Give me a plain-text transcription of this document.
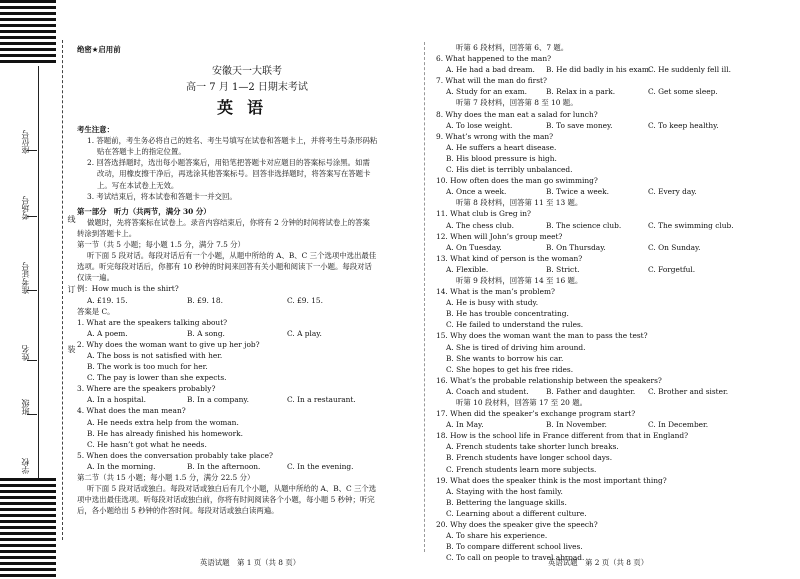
座位号
考场号
准考证号
姓名
班级
学校
线
订
装
绝密★启用前
安徽天一大联考
高一 7 月 1—2 日期末考试
英语
考生注意：
1. 答题前，考生务必将自己的姓名、考生号填写在试卷和答题卡上，并将考生号条形码粘
贴在答题卡上的指定位置。
2. 回答选择题时，选出每小题答案后，用铅笔把答题卡对应题目的答案标号涂黑。如需
改动，用橡皮擦干净后，再选涂其他答案标号。回答非选择题时，将答案写在答题卡
上。写在本试卷上无效。
3. 考试结束后，将本试卷和答题卡一并交回。
第一部分　听力（共两节，满分 30 分）
做题时，先将答案标在试卷上。录音内容结束后，你将有 2 分钟的时间将试卷上的答案
转涂到答题卡上。
第一节（共 5 小题；每小题 1.5 分，满分 7.5 分）
听下面 5 段对话。每段对话后有一个小题，从题中所给的 A、B、C 三个选项中选出最佳
选项。听完每段对话后，你都有 10 秒钟的时间来回答有关小题和阅读下一小题。每段对话
仅读一遍。
例：How much is the shirt?
A. £19. 15.	B. £9. 18.	C. £9. 15.
答案是 C。
1. What are the speakers talking about?
A. A poem.	B. A song.	C. A play.
2. Why does the woman want to give up her job?
A. The boss is not satisfied with her.
B. The work is too much for her.
C. The pay is lower than she expects.
3. Where are the speakers probably?
A. In a hospital.	B. In a company.	C. In a restaurant.
4. What does the man mean?
A. He needs extra help from the woman.
B. He has already finished his homework.
C. He hasn’t got what he needs.
5. When does the conversation probably take place?
A. In the morning.	B. In the afternoon.	C. In the evening.
第二节（共 15 小题；每小题 1.5 分，满分 22.5 分）
听下面 5 段对话或独白。每段对话或独白后有几个小题，从题中所给的 A、B、C 三个选
项中选出最佳选项。听每段对话或独白前，你将有时间阅读各个小题，每小题 5 秒钟；听完
后，各小题给出 5 秒钟的作答时间。每段对话或独白读两遍。
英语试题　第 1 页（共 8 页）
听第 6 段材料，回答第 6、7 题。
6. What happened to the man?
A. He had a bad dream.	B. He did badly in his exam.
C. He suddenly fell ill.
7. What will the man do first?
A. Study for an exam.	B. Relax in a park.	C. Get some sleep.
听第 7 段材料，回答第 8 至 10 题。
8. Why does the man eat a salad for lunch?
A. To lose weight.	B. To save money.	C. To keep healthy.
9. What’s wrong with the man?
A. He suffers a heart disease.
B. His blood pressure is high.
C. His diet is terribly unbalanced.
10. How often does the man go swimming?
A. Once a week.	B. Twice a week.	C. Every day.
听第 8 段材料，回答第 11 至 13 题。
11. What club is Greg in?
A. The chess club.	B. The science club.	C. The swimming club.
12. When will John’s group meet?
A. On Tuesday.	B. On Thursday.	C. On Sunday.
13. What kind of person is the woman?
A. Flexible.	B. Strict.	C. Forgetful.
听第 9 段材料，回答第 14 至 16 题。
14. What is the man’s problem?
A. He is busy with study.
B. He has trouble concentrating.
C. He failed to understand the rules.
15. Why does the woman want the man to pass the test?
A. She is tired of driving him around.
B. She wants to borrow his car.
C. She hopes to get his free rides.
16. What’s the probable relationship between the speakers?
A. Coach and student.	B. Father and daughter.	C. Brother and sister.
听第 10 段材料，回答第 17 至 20 题。
17. When did the speaker’s exchange program start?
A. In May.	B. In November.	C. In December.
18. How is the school life in France different from that in England?
A. French students take shorter lunch breaks.
B. French students have longer school days.
C. French students learn more subjects.
19. What does the speaker think is the most important thing?
A. Staying with the host family.
B. Bettering the language skills.
C. Learning about a different culture.
20. Why does the speaker give the speech?
A. To share his experience.
B. To compare different school lives.
C. To call on people to travel abroad.
英语试题　第 2 页（共 8 页）
